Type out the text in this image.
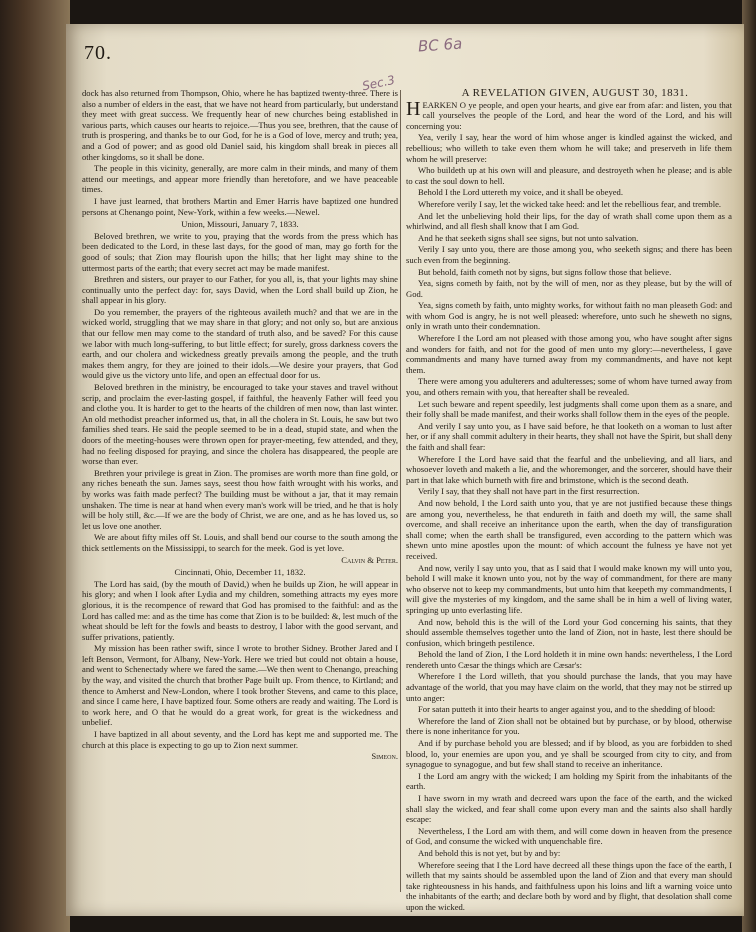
70.	BC 6a
Sec.3

dock has also returned from Thompson, Ohio, where he has baptized twenty-three. There is also a number of elders in the east, that we have not heard from particularly, but understand they meet with great success. We frequently hear of new churches being established in various parts, which causes our hearts to rejoice.—Thus you see, brethren, that the cause of truth is prospering, and thanks be to our God, for he is a God of love, mercy and truth; yea, and a God of power; and as good old Daniel said, his kingdom shall break in pieces all other kingdoms, so it shall be done.

The people in this vicinity, generally, are more calm in their minds, and many of them attend our meetings, and appear more friendly than heretofore, and we have peaceable times.

I have just learned, that brothers Martin and Emer Harris have baptized one hundred persons at Chenango point, New-York, within a few weeks.—Newel.

Union, Missouri, January 7, 1833.

Beloved brethren, we write to you, praying that the words from the press which has been dedicated to the Lord, in these last days, for the good of man, may go forth for the good of souls; that Zion may flourish upon the hills; that her light may shine to the uttermost parts of the earth; that every secret act may be made manifest.

Brethren and sisters, our prayer to our Father, for you all, is, that your lights may shine continually unto the perfect day: for, says David, when the Lord shall build up Zion, he shall appear in his glory.

Do you remember, the prayers of the righteous availeth much? and that we are in the wicked world, struggling that we may share in that glory; and not only so, but are anxious that our fellow men may come to the standard of truth also, and be saved? For this cause we labor with much long-suffering, to but little effect; for surely, gross darkness covers the earth, and our cholera and wickedness greatly prevails among the people, and the truth makes them angry, for they are joined to their idols.—We desire your prayers, that God would give us the victory unto life, and open an effectual door for us.

Beloved brethren in the ministry, be encouraged to take your staves and travel without scrip, and proclaim the ever-lasting gospel, if faithful, the heavenly Father will feed you and clothe you. It is harder to get to the hearts of the children of men now, than last winter. An old methodist preacher informed us, that, in all the cholera in St. Louis, he saw but two families shed tears. He said the people seemed to be in a dead, stupid state, and when the doors of the meeting-houses were thrown open for prayer-meeting, few attended, and they, had no feeling disposed for praying, and since the cholera has disappeared, the people are worse than ever.

Brethren your privilege is great in Zion. The promises are worth more than fine gold, or any riches beneath the sun. James says, seest thou how faith wrought with his works, and by works was faith made perfect? The building must be without a jar, that it may remain unshaken. The time is near at hand when every man's work will be tried, and he that is holy will be holy still, &c.—If we are the body of Christ, we are one, and as he has loved us, so let us love one another.

We are about fifty miles off St. Louis, and shall bend our course to the south among the thick settlements on the Mississippi, to search for the meek. God is yet love.

Calvin & Peter.

Cincinnati, Ohio, December 11, 1832.

The Lord has said, (by the mouth of David,) when he builds up Zion, he will appear in his glory; and when I look after Lydia and my children, something attracts my eyes more glorious, it is the recompence of reward that God has promised to the faithful: and as the Lord has called me: and as the time has come that Zion is to be builded: &, lest much of the wheat should be left for the fowls and beasts to destroy, I labor with the good servant, and suffer privations, patiently.

My mission has been rather swift, since I wrote to brother Sidney. Brother Jared and I left Benson, Vermont, for Albany, New-York. Here we tried but could not obtain a house, and went to Schenectady where we fared the same.—We then went to Chenango, preaching by the way, and visited the church that brother Page built up. From thence, to Kirtland; and thence to Amherst and New-London, where I took brother Stevens, and came to this place, and since I came here, I have baptized four. Some others are ready and waiting. The Lord is to work here, and O that he would do a great work, for great is the wickedness and unbelief.

I have baptized in all about seventy, and the Lord has kept me and supported me. The church at this place is expecting to go up to Zion next summer.

Simeon.

A REVELATION GIVEN, AUGUST 30, 1831.

HEARKEN O ye people, and open your hearts, and give ear from afar: and listen, you that call yourselves the people of the Lord, and hear the word of the Lord, and his will concerning you:

Yea, verily I say, hear the word of him whose anger is kindled against the wicked, and rebellious; who willeth to take even them whom he will take; and preserveth in life them whom he will preserve:

Who buildeth up at his own will and pleasure, and destroyeth when he please; and is able to cast the soul down to hell.

Behold I the Lord uttereth my voice, and it shall be obeyed.

Wherefore verily I say, let the wicked take heed: and let the rebellious fear, and tremble.

And let the unbelieving hold their lips, for the day of wrath shall come upon them as a whirlwind, and all flesh shall know that I am God.

And he that seeketh signs shall see signs, but not unto salvation.

Verily I say unto you, there are those among you, who seeketh signs; and there has been such even from the beginning.

But behold, faith cometh not by signs, but signs follow those that believe.

Yea, signs cometh by faith, not by the will of men, nor as they please, but by the will of God.

Yea, signs cometh by faith, unto mighty works, for without faith no man pleaseth God: and with whom God is angry, he is not well pleased: wherefore, unto such he sheweth no signs, only in wrath unto their condemnation.

Wherefore I the Lord am not pleased with those among you, who have sought after signs and wonders for faith, and not for the good of men unto my glory:—nevertheless, I gave commandments and many have turned away from my commandments, and have not kept them.

There were among you adulterers and adulteresses; some of whom have turned away from you, and others remain with you, that hereafter shall be revealed.

Let such beware and repent speedily, lest judgments shall come upon them as a snare, and their folly shall be made manifest, and their works shall follow them in the eyes of the people.

And verily I say unto you, as I have said before, he that looketh on a woman to lust after her, or if any shall commit adultery in their hearts, they shall not have the Spirit, but shall deny the faith and shall fear:

Wherefore I the Lord have said that the fearful and the unbelieving, and all liars, and whosoever loveth and maketh a lie, and the whoremonger, and the sorcerer, should have their part in that lake which burneth with fire and brimstone, which is the second death.

Verily I say, that they shall not have part in the first resurrection.

And now behold, I the Lord saith unto you, that ye are not justified because these things are among you, nevertheless, he that endureth in faith and doeth my will, the same shall overcome, and shall receive an inheritance upon the earth, when the day of transfiguration shall come; when the earth shall be transfigured, even according to the pattern which was shewn unto mine apostles upon the mount: of which account the fulness ye have not yet received.

And now, verily I say unto you, that as I said that I would make known my will unto you, behold I will make it known unto you, not by the way of commandment, for there are many who observe not to keep my commandments, but unto him that keepeth my commandments, I will give the mysteries of my kingdom, and the same shall be in him a well of living water, springing up unto everlasting life.

And now, behold this is the will of the Lord your God concerning his saints, that they should assemble themselves together unto the land of Zion, not in haste, lest there should be confusion, which bringeth pestilence.

Behold the land of Zion, I the Lord holdeth it in mine own hands: nevertheless, I the Lord rendereth unto Cæsar the things which are Cæsar's:

Wherefore I the Lord willeth, that you should purchase the lands, that you may have advantage of the world, that you may have claim on the world, that they may not be stirred up unto anger:

For satan putteth it into their hearts to anger against you, and to the shedding of blood:

Wherefore the land of Zion shall not be obtained but by purchase, or by blood, otherwise there is none inheritance for you.

And if by purchase behold you are blessed; and if by blood, as you are forbidden to shed blood, lo, your enemies are upon you, and ye shall be scourged from city to city, and from synagogue to synagogue, and but few shall stand to receive an inheritance.

I the Lord am angry with the wicked; I am holding my Spirit from the inhabitants of the earth.

I have sworn in my wrath and decreed wars upon the face of the earth, and the wicked shall slay the wicked, and fear shall come upon every man and the saints also shall hardly escape:

Nevertheless, I the Lord am with them, and will come down in heaven from the presence of God, and consume the wicked with unquenchable fire.

And behold this is not yet, but by and by:

Wherefore seeing that I the Lord have decreed all these things upon the face of the earth, I willeth that my saints should be assembled upon the land of Zion and that every man should take righteousness in his hands, and faithfulness upon his loins and lift a warning voice unto the inhabitants of the earth; and declare both by word and by flight, that desolation shall come upon the wicked.
